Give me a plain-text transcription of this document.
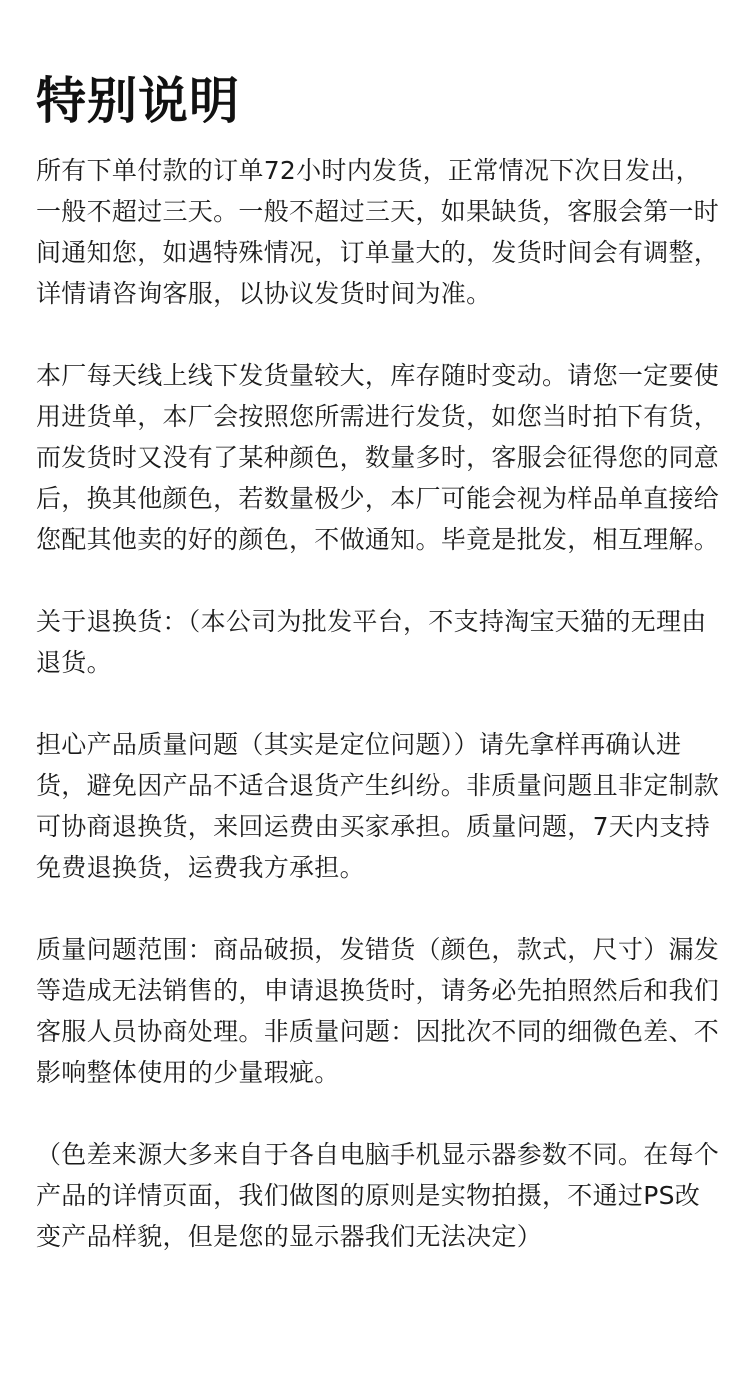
特别说明

所有下单付款的订单72小时内发货，正常情况下次日发出，一般不超过三天。一般不超过三天，如果缺货，客服会第一时间通知您，如遇特殊情况，订单量大的，发货时间会有调整，详情请咨询客服，以协议发货时间为准。

本厂每天线上线下发货量较大，库存随时变动。请您一定要使用进货单，本厂会按照您所需进行发货，如您当时拍下有货，而发货时又没有了某种颜色，数量多时，客服会征得您的同意后，换其他颜色，若数量极少，本厂可能会视为样品单直接给您配其他卖的好的颜色，不做通知。毕竟是批发，相互理解。

关于退换货：（本公司为批发平台，不支持淘宝天猫的无理由退货。

担心产品质量问题（其实是定位问题））请先拿样再确认进货，避免因产品不适合退货产生纠纷。非质量问题且非定制款可协商退换货，来回运费由买家承担。质量问题，7天内支持免费退换货，运费我方承担。

质量问题范围：商品破损，发错货（颜色，款式，尺寸）漏发等造成无法销售的，申请退换货时，请务必先拍照然后和我们客服人员协商处理。非质量问题：因批次不同的细微色差、不影响整体使用的少量瑕疵。

（色差来源大多来自于各自电脑手机显示器参数不同。在每个产品的详情页面，我们做图的原则是实物拍摄，不通过PS改变产品样貌，但是您的显示器我们无法决定）
